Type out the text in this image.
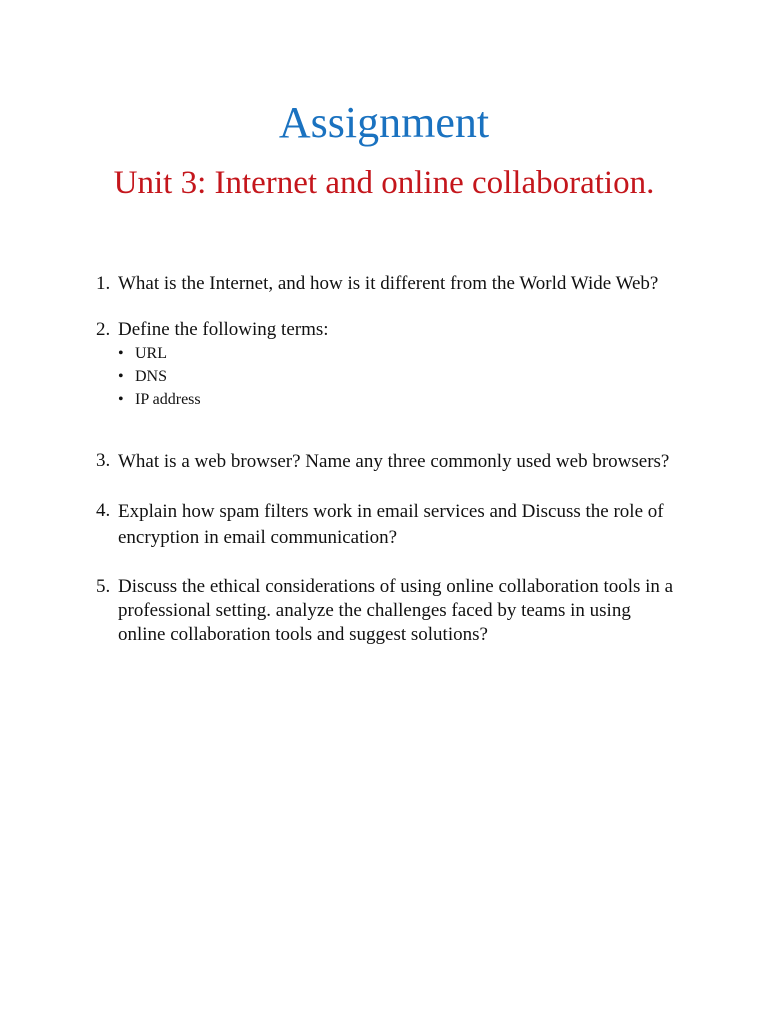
Assignment
Unit 3: Internet and online collaboration.
1. What is the Internet, and how is it different from the World Wide Web?
2. Define the following terms:
• URL
• DNS
• IP address
3. What is a web browser? Name any three commonly used web browsers?
4. Explain how spam filters work in email services and Discuss the role of encryption in email communication?
5. Discuss the ethical considerations of using online collaboration tools in a professional setting. analyze the challenges faced by teams in using online collaboration tools and suggest solutions?
